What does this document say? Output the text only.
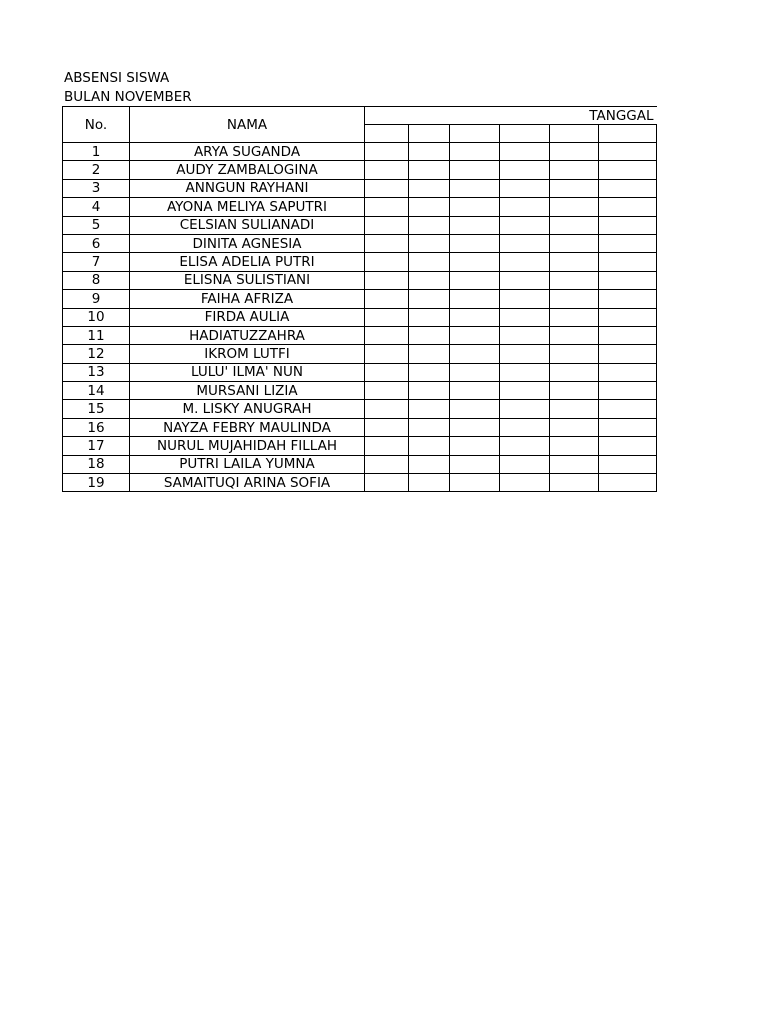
ABSENSI SISWA
BULAN NOVEMBER
No.	NAMA	TANGGAL					

1	ARYA SUGANDA						
2	AUDY ZAMBALOGINA						
3	ANNGUN RAYHANI						
4	AYONA MELIYA SAPUTRI						
5	CELSIAN SULIANADI						
6	DINITA AGNESIA						
7	ELISA ADELIA PUTRI						
8	ELISNA SULISTIANI						
9	FAIHA AFRIZA						
10	FIRDA AULIA						
11	HADIATUZZAHRA						
12	IKROM LUTFI						
13	LULU' ILMA' NUN						
14	MURSANI LIZIA						
15	M. LISKY ANUGRAH						
16	NAYZA FEBRY MAULINDA						
17	NURUL MUJAHIDAH FILLAH						
18	PUTRI LAILA YUMNA						
19	SAMAITUQI ARINA SOFIA						
